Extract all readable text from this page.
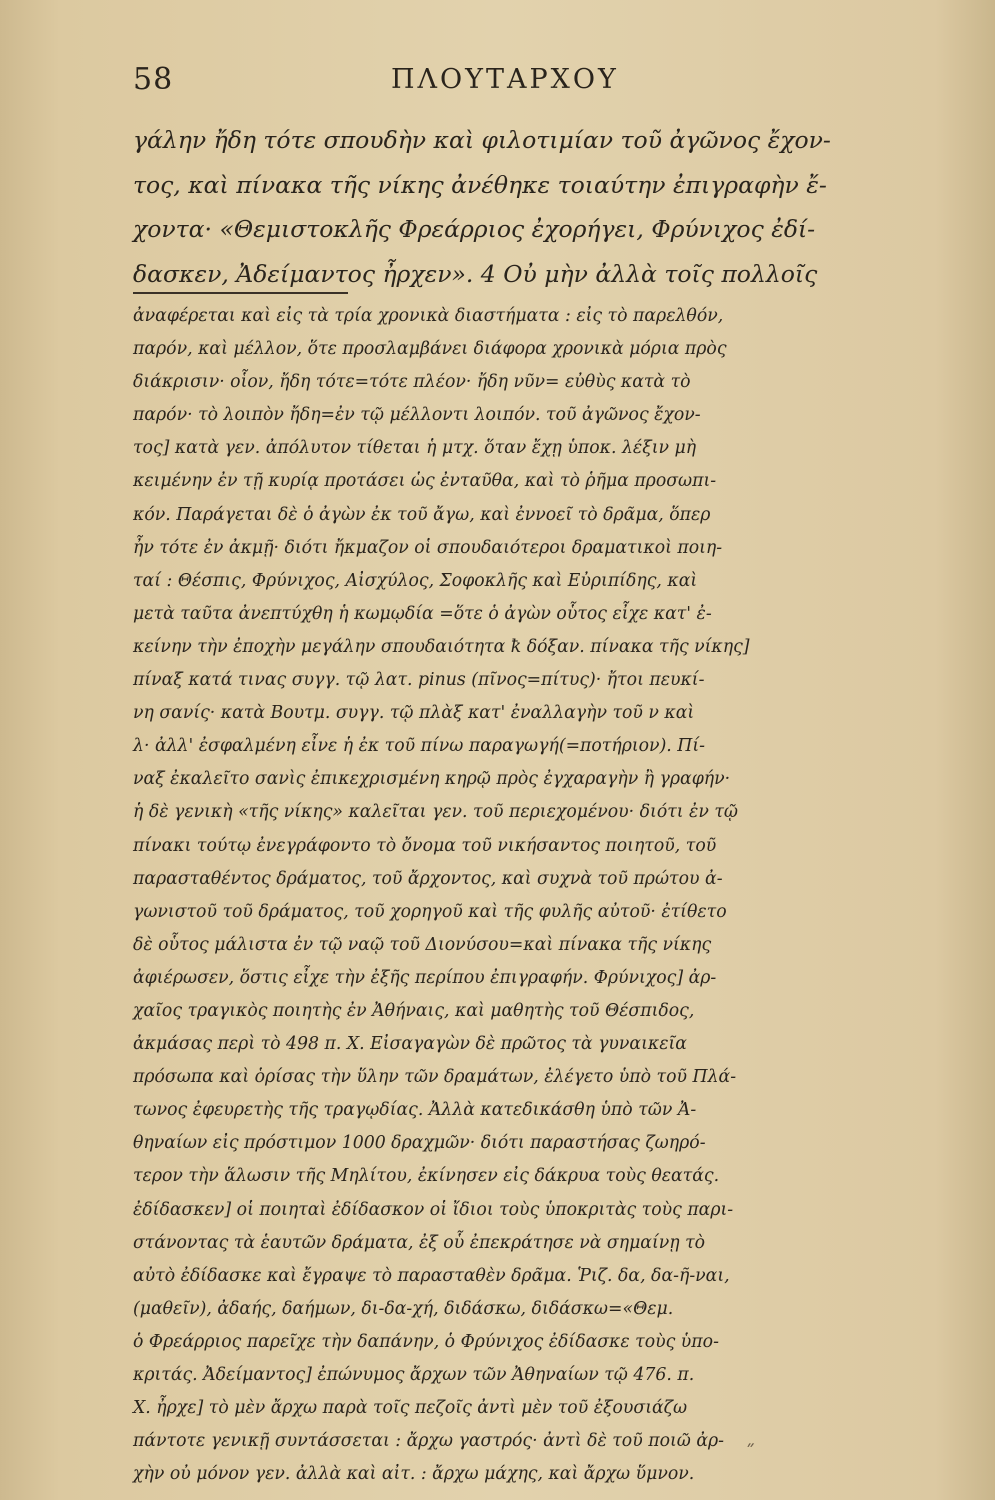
58	ΠΛΟΥΤΑΡΧΟΥ
γάλην ἤδη τότε σπουδὴν καὶ φιλοτιμίαν τοῦ ἀγῶνος ἔχον-
τος, καὶ πίνακα τῆς νίκης ἀνέθηκε τοιαύτην ἐπιγραφὴν ἔ-
χοντα· «Θεμιστοκλῆς Φρεάρριος ἐχορήγει, Φρύνιχος ἐδί-
δασκεν, Ἀδείμαντος ἦρχεν». 4 Οὐ μὴν ἀλλὰ τοῖς πολλοῖς
ἀναφέρεται καὶ εἰς τὰ τρία χρονικὰ διαστήματα : εἰς τὸ παρελθόν,
παρόν, καὶ μέλλον, ὅτε προσλαμβάνει διάφορα χρονικὰ μόρια πρὸς
διάκρισιν· οἷον, ἤδη τότε=τότε πλέον· ἤδη νῦν= εὐθὺς κατὰ τὸ
παρόν· τὸ λοιπὸν ἤδη=ἐν τῷ μέλλοντι λοιπόν. τοῦ ἀγῶνος ἔχον-
τος] κατὰ γεν. ἀπόλυτον τίθεται ἡ μτχ. ὅταν ἔχῃ ὑποκ. λέξιν μὴ
κειμένην ἐν τῇ κυρίᾳ προτάσει ὡς ἐνταῦθα, καὶ τὸ ῥῆμα προσωπι-
κόν. Παράγεται δὲ ὁ ἀγὼν ἐκ τοῦ ἄγω, καὶ ἐννοεῖ τὸ δρᾶμα, ὅπερ
ἦν τότε ἐν ἀκμῇ· διότι ἤκμαζον οἱ σπουδαιότεροι δραματικοὶ ποιη-
ταί : Θέσπις, Φρύνιχος, Αἰσχύλος, Σοφοκλῆς καὶ Εὐριπίδης, καὶ
μετὰ ταῦτα ἀνεπτύχθη ἡ κωμῳδία =ὅτε ὁ ἀγὼν οὗτος εἶχε κατ' ἐ-
κείνην τὴν ἐποχὴν μεγάλην σπουδαιότητα ꝁ δόξαν. πίνακα τῆς νίκης]
πίναξ κατά τινας συγγ. τῷ λατ. pinus (πῖνος=πίτυς)· ἤτοι πευκί-
νη σανίς· κατὰ Βουτμ. συγγ. τῷ πλὰξ κατ' ἐναλλαγὴν τοῦ ν καὶ
λ· ἀλλ' ἐσφαλμένη εἶνε ἡ ἐκ τοῦ πίνω παραγωγή(=ποτήριον). Πί-
ναξ ἐκαλεῖτο σανὶς ἐπικεχρισμένη κηρῷ πρὸς ἐγχαραγὴν ἢ γραφήν·
ἡ δὲ γενικὴ «τῆς νίκης» καλεῖται γεν. τοῦ περιεχομένου· διότι ἐν τῷ
πίνακι τούτῳ ἐνεγράφοντο τὸ ὄνομα τοῦ νικήσαντος ποιητοῦ, τοῦ
παρασταθέντος δράματος, τοῦ ἄρχοντος, καὶ συχνὰ τοῦ πρώτου ἀ-
γωνιστοῦ τοῦ δράματος, τοῦ χορηγοῦ καὶ τῆς φυλῆς αὐτοῦ· ἐτίθετο
δὲ οὗτος μάλιστα ἐν τῷ ναῷ τοῦ Διονύσου=καὶ πίνακα τῆς νίκης
ἀφιέρωσεν, ὅστις εἶχε τὴν ἐξῆς περίπου ἐπιγραφήν. Φρύνιχος] ἀρ-
χαῖος τραγικὸς ποιητὴς ἐν Ἀθήναις, καὶ μαθητὴς τοῦ Θέσπιδος,
ἀκμάσας περὶ τὸ 498 π. Χ. Εἰσαγαγὼν δὲ πρῶτος τὰ γυναικεῖα
πρόσωπα καὶ ὁρίσας τὴν ὕλην τῶν δραμάτων, ἐλέγετο ὑπὸ τοῦ Πλά-
τωνος ἐφευρετὴς τῆς τραγῳδίας. Ἀλλὰ κατεδικάσθη ὑπὸ τῶν Ἀ-
θηναίων εἰς πρόστιμον 1000 δραχμῶν· διότι παραστήσας ζωηρό-
τερον τὴν ἅλωσιν τῆς Μηλίτου, ἐκίνησεν εἰς δάκρυα τοὺς θεατάς.
ἐδίδασκεν] οἱ ποιηταὶ ἐδίδασκον οἱ ἴδιοι τοὺς ὑποκριτὰς τοὺς παρι-
στάνοντας τὰ ἑαυτῶν δράματα, ἐξ οὗ ἐπεκράτησε νὰ σημαίνῃ τὸ
αὐτὸ ἐδίδασκε καὶ ἔγραψε τὸ παρασταθὲν δρᾶμα. Ῥιζ. δα, δα-ῆ-ναι,
(μαθεῖν), ἀδαής, δαήμων, δι-δα-χή, διδάσκω, διδάσκω=«Θεμ.
ὁ Φρεάρριος παρεῖχε τὴν δαπάνην, ὁ Φρύνιχος ἐδίδασκε τοὺς ὑπο-
κριτάς. Ἀδείμαντος] ἐπώνυμος ἄρχων τῶν Ἀθηναίων τῷ 476. π.
Χ. ἦρχε] τὸ μὲν ἄρχω παρὰ τοῖς πεζοῖς ἀντὶ μὲν τοῦ ἐξουσιάζω
πάντοτε γενικῇ συντάσσεται : ἄρχω γαστρός· ἀντὶ δὲ τοῦ ποιῶ ἀρ-
χὴν οὐ μόνον γεν. ἀλλὰ καὶ αἰτ. : ἄρχω μάχης, καὶ ἄρχω ὕμνον.
˝
